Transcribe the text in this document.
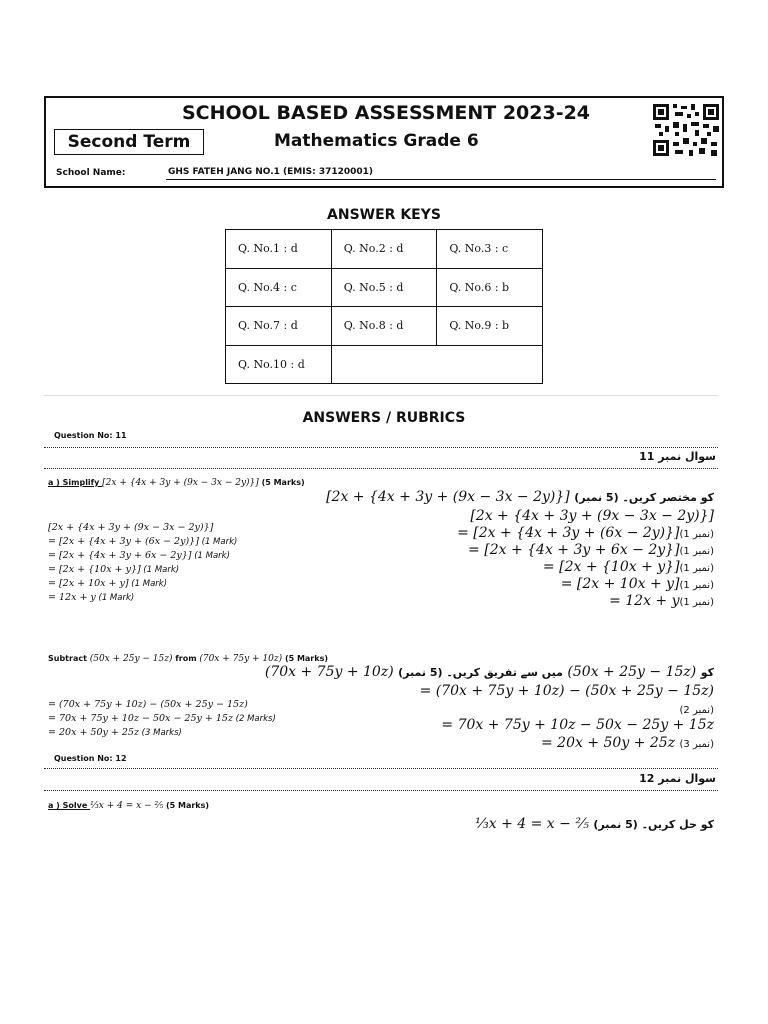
SCHOOL BASED ASSESSMENT 2023-24
Second Term	Mathematics Grade 6
School Name:	GHS FATEH JANG NO.1 (EMIS: 37120001)
ANSWER KEYS
Q. No.1 : d	Q. No.2 : d	Q. No.3 : c
Q. No.4 : c	Q. No.5 : d	Q. No.6 : b
Q. No.7 : d	Q. No.8 : d	Q. No.9 : b
Q. No.10 : d		
ANSWERS / RUBRICS
Question No: 11
سوال نمبر 11
a ) Simplify [2x + {4x + 3y + (9x − 3x − 2y)}] (5 Marks)
[2x + {4x + 3y + (9x − 3x − 2y)}] کو مختصر کریں۔ (5 نمبر)
[2x + {4x + 3y + (9x − 3x − 2y)}]
= [2x + {4x + 3y + (6x − 2y)}] (1 Mark)
= [2x + {4x + 3y + 6x − 2y}] (1 Mark)
= [2x + {10x + y}] (1 Mark)
= [2x + 10x + y] (1 Mark)
= 12x + y (1 Mark)
[2x + {4x + 3y + (9x − 3x − 2y)}]
= [2x + {4x + 3y + (6x − 2y)}](1 نمبر)
= [2x + {4x + 3y + 6x − 2y}](1 نمبر)
= [2x + {10x + y}](1 نمبر)
= [2x + 10x + y](1 نمبر)
= 12x + y(1 نمبر)
Subtract (50x + 25y − 15z) from (70x + 75y + 10z) (5 Marks)
(70x + 75y + 10z) میں سے تفریق کریں۔ (5 نمبر) (50x + 25y − 15z) کو
= (70x + 75y + 10z) − (50x + 25y − 15z)
= 70x + 75y + 10z − 50x − 25y + 15z (2 Marks)
= 20x + 50y + 25z (3 Marks)
= (70x + 75y + 10z) − (50x + 25y − 15z)
(2 نمبر)
= 70x + 75y + 10z − 50x − 25y + 15z
= 20x + 50y + 25z (3 نمبر)
Question No: 12
سوال نمبر 12
a ) Solve ⅓x + 4 = x − ⅖ (5 Marks)
⅓x + 4 = x − ⅖ کو حل کریں۔ (5 نمبر)
